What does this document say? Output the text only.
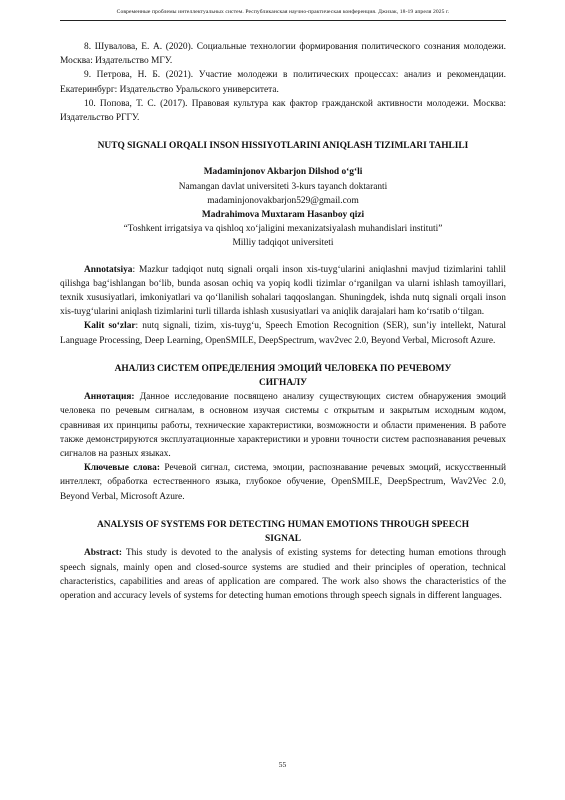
Современные проблемы интеллектуальных систем. Республиканская научно-практическая конференция. Джизак, 18-19 апреля 2025 г.

8. Шувалова, Е. А. (2020). Социальные технологии формирования политического сознания молодежи. Москва: Издательство МГУ.

9. Петрова, Н. Б. (2021). Участие молодежи в политических процессах: анализ и рекомендации. Екатеринбург: Издательство Уральского университета.

10. Попова, Т. С. (2017). Правовая культура как фактор гражданской активности молодежи. Москва: Издательство РГГУ.

NUTQ SIGNALI ORQALI INSON HISSIYOTLARINI ANIQLASH TIZIMLARI TAHLILI

Madaminjonov Akbarjon Dilshod o‘g‘li

Namangan davlat universiteti 3-kurs tayanch doktaranti

madaminjonovakbarjon529@gmail.com

Madrahimova Muxtaram Hasanboy qizi

“Toshkent irrigatsiya va qishloq xo‘jaligini mexanizatsiyalash muhandislari instituti”

Milliy tadqiqot universiteti

Annotatsiya: Mazkur tadqiqot nutq signali orqali inson xis-tuyg‘ularini aniqlashni mavjud tizimlarini tahlil qilishga bag‘ishlangan bo‘lib, bunda asosan ochiq va yopiq kodli tizimlar o‘rganilgan va ularni ishlash tamoyillari, texnik xususiyatlari, imkoniyatlari va qo‘llanilish sohalari taqqoslangan. Shuningdek, ishda nutq signali orqali inson xis-tuyg‘ularini aniqlash tizimlarini turli tillarda ishlash xususiyatlari va aniqlik darajalari ham ko‘rsatib o‘tilgan.

Kalit so‘zlar: nutq signali, tizim, xis-tuyg‘u, Speech Emotion Recognition (SER), sun’iy intellekt, Natural Language Processing, Deep Learning, OpenSMILE, DeepSpectrum, wav2vec 2.0, Beyond Verbal, Microsoft Azure.

АНАЛИЗ СИСТЕМ ОПРЕДЕЛЕНИЯ ЭМОЦИЙ ЧЕЛОВЕКА ПО РЕЧЕВОМУ СИГНАЛУ

Аннотация: Данное исследование посвящено анализу существующих систем обнаружения эмоций человека по речевым сигналам, в основном изучая системы с открытым и закрытым исходным кодом, сравнивая их принципы работы, технические характеристики, возможности и области применения. В работе также демонстрируются эксплуатационные характеристики и уровни точности систем распознавания речевых сигналов на разных языках.

Ключевые слова: Речевой сигнал, система, эмоции, распознавание речевых эмоций, искусственный интеллект, обработка естественного языка, глубокое обучение, OpenSMILE, DeepSpectrum, Wav2Vec 2.0, Beyond Verbal, Microsoft Azure.

ANALYSIS OF SYSTEMS FOR DETECTING HUMAN EMOTIONS THROUGH SPEECH SIGNAL

Abstract: This study is devoted to the analysis of existing systems for detecting human emotions through speech signals, mainly open and closed-source systems are studied and their principles of operation, technical characteristics, capabilities and areas of application are compared. The work also shows the characteristics of the operation and accuracy levels of systems for detecting human emotions through speech signals in different languages.

55
